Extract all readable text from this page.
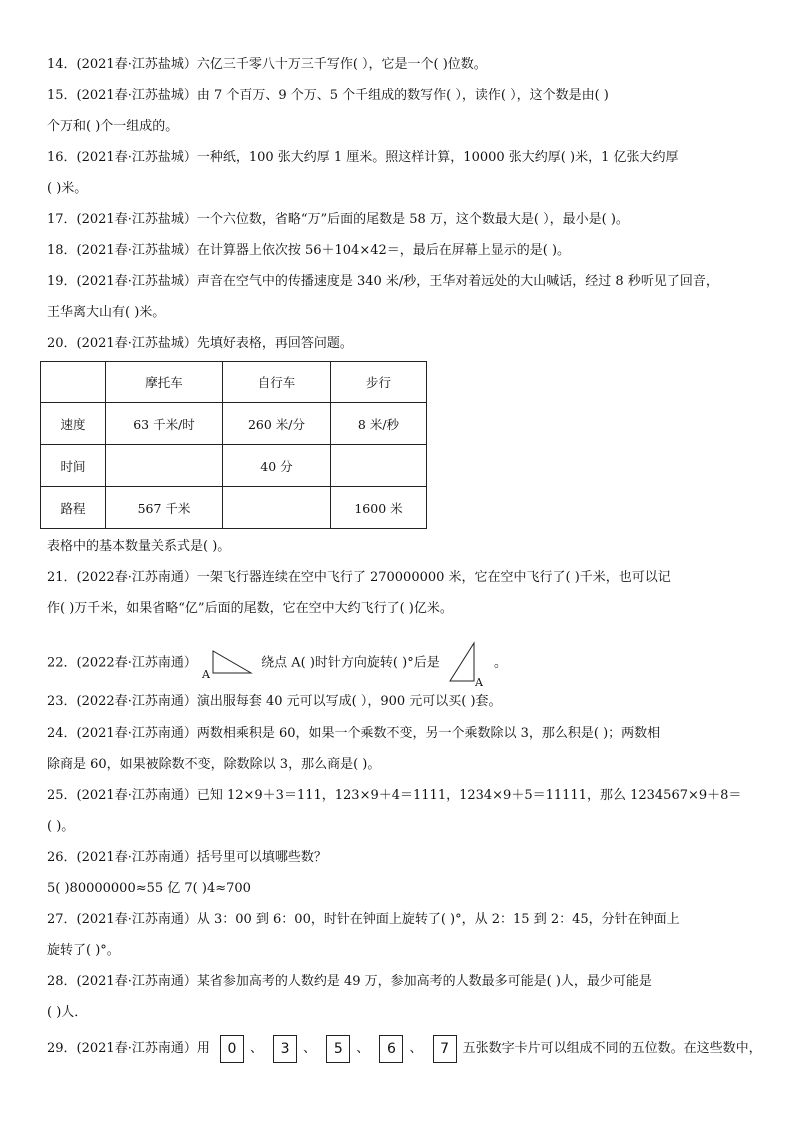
14．(2021春·江苏盐城）六亿三千零八十万三千写作( ），它是一个( )位数。
15．(2021春·江苏盐城）由 7 个百万、9 个万、5 个千组成的数写作( ），读作( ），这个数是由( )
个万和( )个一组成的。
16．(2021春·江苏盐城）一种纸，100 张大约厚 1 厘米。照这样计算，10000 张大约厚( )米，1 亿张大约厚
( )米。
17．(2021春·江苏盐城）一个六位数，省略“万”后面的尾数是 58 万，这个数最大是( ），最小是( )。
18．(2021春·江苏盐城）在计算器上依次按 56＋104×42＝，最后在屏幕上显示的是( )。
19．(2021春·江苏盐城）声音在空气中的传播速度是 340 米/秒，王华对着远处的大山喊话，经过 8 秒听见了回音，
王华离大山有( )米。
20．(2021春·江苏盐城）先填好表格，再回答问题。
	摩托车	自行车	步行
速度	63 千米/时	260 米/分	8 米/秒
时间		40 分	
路程	567 千米		1600 米
表格中的基本数量关系式是( )。
21．(2022春·江苏南通）一架飞行器连续在空中飞行了 270000000 米，它在空中飞行了( )千米，也可以记
作( )万千米，如果省略“亿”后面的尾数，它在空中大约飞行了( )亿米。
22．(2022春·江苏南通）
A
绕点 A( )时针方向旋转( )°后是
A
。
23．(2022春·江苏南通）演出服每套 40 元可以写成( ），900 元可以买( )套。
24．(2021春·江苏南通）两数相乘积是 60，如果一个乘数不变，另一个乘数除以 3，那么积是( )；两数相
除商是 60，如果被除数不变，除数除以 3，那么商是( )。
25．(2021春·江苏南通）已知 12×9＋3＝111，123×9＋4＝1111，1234×9＋5＝11111，那么 1234567×9＋8＝
( )。
26．(2021春·江苏南通）括号里可以填哪些数？
5( )80000000≈55 亿 7( )4≈700
27．(2021春·江苏南通）从 3：00 到 6：00，时针在钟面上旋转了( )°，从 2：15 到 2：45，分针在钟面上
旋转了( )°。
28．(2021春·江苏南通）某省参加高考的人数约是 49 万，参加高考的人数最多可能是( )人，最少可能是
( )人．
29．(2021春·江苏南通）用 0 、 3 、 5 、 6 、 7 五张数字卡片可以组成不同的五位数。在这些数中，
